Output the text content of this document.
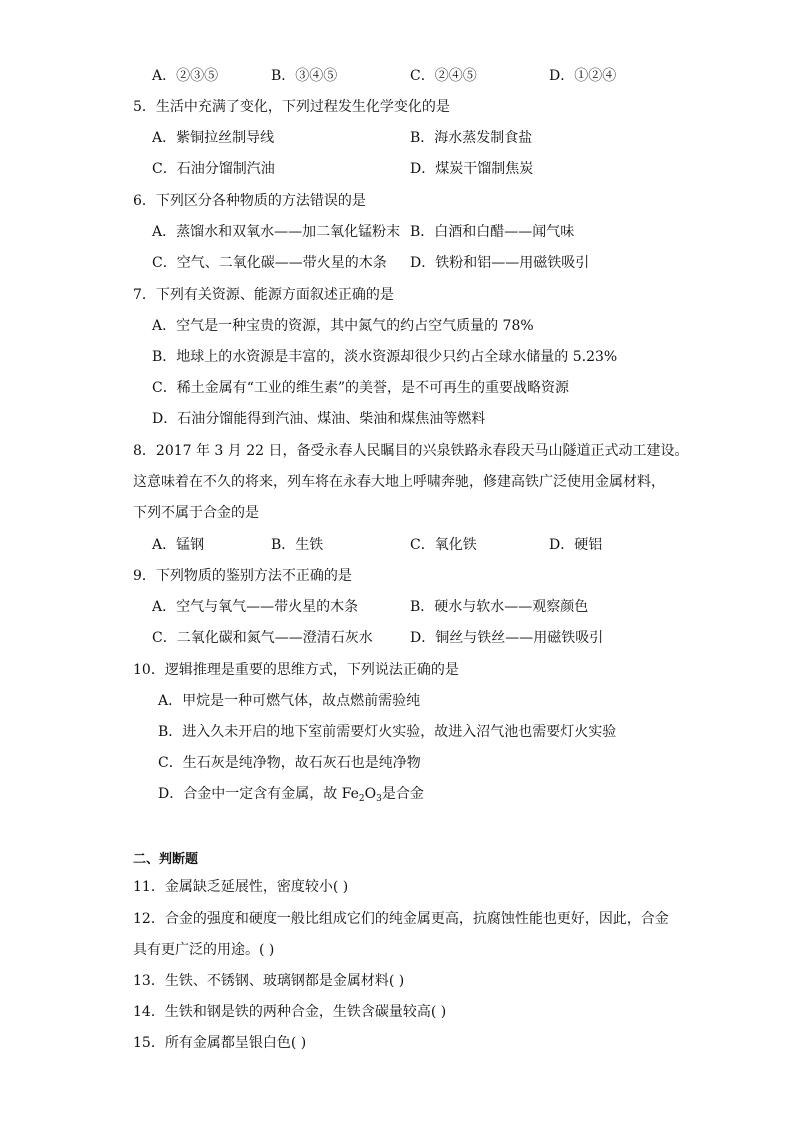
A．②③⑤	B．③④⑤	C．②④⑤	D．①②④
5．生活中充满了变化，下列过程发生化学变化的是
A．紫铜拉丝制导线	B．海水蒸发制食盐
C．石油分馏制汽油	D．煤炭干馏制焦炭
6．下列区分各种物质的方法错误的是
A．蒸馏水和双氧水——加二氧化锰粉末 B．白酒和白醋——闻气味
C．空气、二氧化碳——带火星的木条 D．铁粉和铝——用磁铁吸引
7．下列有关资源、能源方面叙述正确的是
A．空气是一种宝贵的资源，其中氮气的约占空气质量的 78%
B．地球上的水资源是丰富的，淡水资源却很少只约占全球水储量的 5.23%
C．稀土金属有“工业的维生素”的美誉，是不可再生的重要战略资源
D．石油分馏能得到汽油、煤油、柴油和煤焦油等燃料
8．2017 年 3 月 22 日，备受永春人民瞩目的兴泉铁路永春段天马山隧道正式动工建设。
这意味着在不久的将来，列车将在永春大地上呼啸奔驰，修建高铁广泛使用金属材料，
下列不属于合金的是
A．锰钢	B．生铁	C．氧化铁	D．硬铝
9．下列物质的鉴别方法不正确的是
A．空气与氧气——带火星的木条	B．硬水与软水——观察颜色
C．二氧化碳和氮气——澄清石灰水	D．铜丝与铁丝——用磁铁吸引
10．逻辑推理是重要的思维方式，下列说法正确的是
A．甲烷是一种可燃气体，故点燃前需验纯
B．进入久未开启的地下室前需要灯火实验，故进入沼气池也需要灯火实验
C．生石灰是纯净物，故石灰石也是纯净物
D．合金中一定含有金属，故 $Fe_2O_3$是合金
二、判断题
11．金属缺乏延展性，密度较小( )
12．合金的强度和硬度一般比组成它们的纯金属更高，抗腐蚀性能也更好，因此，合金
具有更广泛的用途。( )
13．生铁、不锈钢、玻璃钢都是金属材料( )
14．生铁和钢是铁的两种合金，生铁含碳量较高( )
15．所有金属都呈银白色( )
